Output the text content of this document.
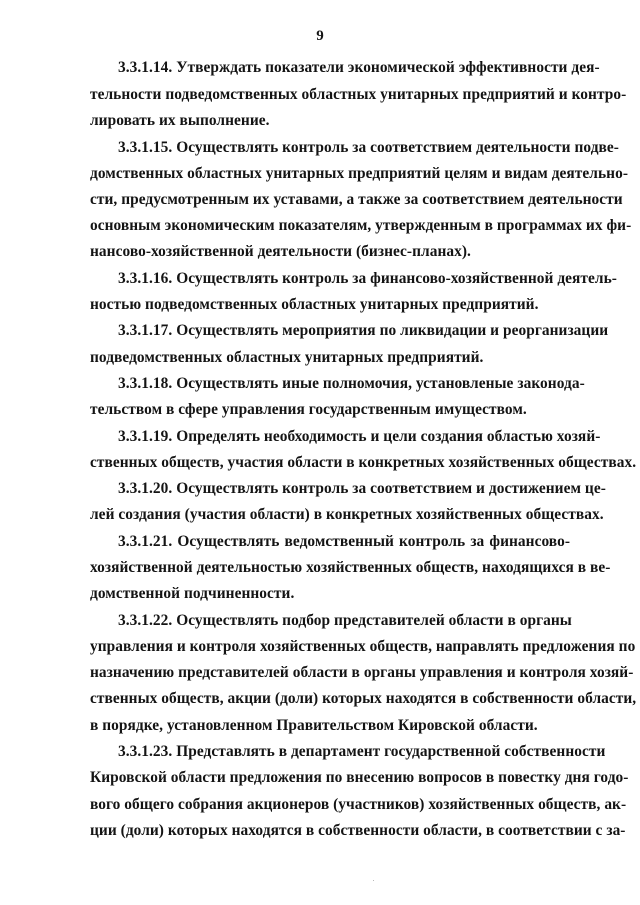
9
3.3.1.14. Утверждать показатели экономической эффективности дея-
тельности подведомственных областных унитарных предприятий и контро-
лировать их выполнение.
3.3.1.15. Осуществлять контроль за соответствием деятельности подве-
домственных областных унитарных предприятий целям и видам деятельно-
сти, предусмотренным их уставами, а также за соответствием деятельности
основным экономическим показателям, утвержденным в программах их фи-
нансово-хозяйственной деятельности (бизнес-планах).
3.3.1.16. Осуществлять контроль за финансово-хозяйственной деятель-
ностью подведомственных областных унитарных предприятий.
3.3.1.17. Осуществлять мероприятия по ликвидации и реорганизации
подведомственных областных унитарных предприятий.
3.3.1.18. Осуществлять иные полномочия, установленые законода-
тельством в сфере управления государственным имуществом.
3.3.1.19. Определять необходимость и цели создания областью хозяй-
ственных обществ, участия области в конкретных хозяйственных обществах.
3.3.1.20. Осуществлять контроль за соответствием и достижением це-
лей создания (участия области) в конкретных хозяйственных обществах.
3.3.1.21. Осуществлять ведомственный контроль за финансово-
хозяйственной деятельностью хозяйственных обществ, находящихся в ве-
домственной подчиненности.
3.3.1.22. Осуществлять подбор представителей области в органы
управления и контроля хозяйственных обществ, направлять предложения по
назначению представителей области в органы управления и контроля хозяй-
ственных обществ, акции (доли) которых находятся в собственности области,
в порядке, установленном Правительством Кировской области.
3.3.1.23. Представлять в департамент государственной собственности
Кировской области предложения по внесению вопросов в повестку дня годо-
вого общего собрания акционеров (участников) хозяйственных обществ, ак-
ции (доли) которых находятся в собственности области, в соответствии с за-
